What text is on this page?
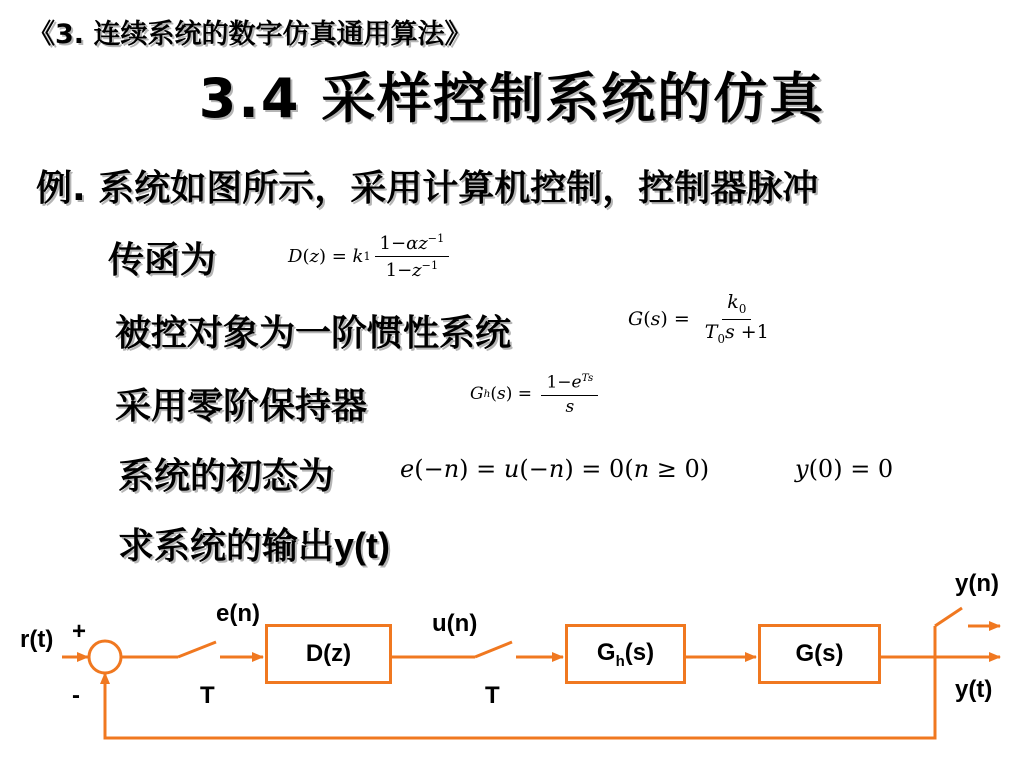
《3. 连续系统的数字仿真通用算法》
3.4 采样控制系统的仿真
例. 系统如图所示，采用计算机控制，控制器脉冲
传函为	D ( z ) = k $1 \frac{1-\alpha z^{-1}}{1-z^{-1}}$
被控对象为一阶惯性系统	G ( s ) = $\frac{k_0}{T_0s +1}$
采用零阶保持器	G h ( s ) = $\frac{1-e^{Ts}}{s}$
系统的初态为	e(−n) = u(−n) = 0(n ≥ 0)	y(0) = 0
求系统的输出y(t)
D(z)	$G_h(s)$	G(s)
r(t) +
-
e(n)
T
u(n)
T
y(n)
y(t)
